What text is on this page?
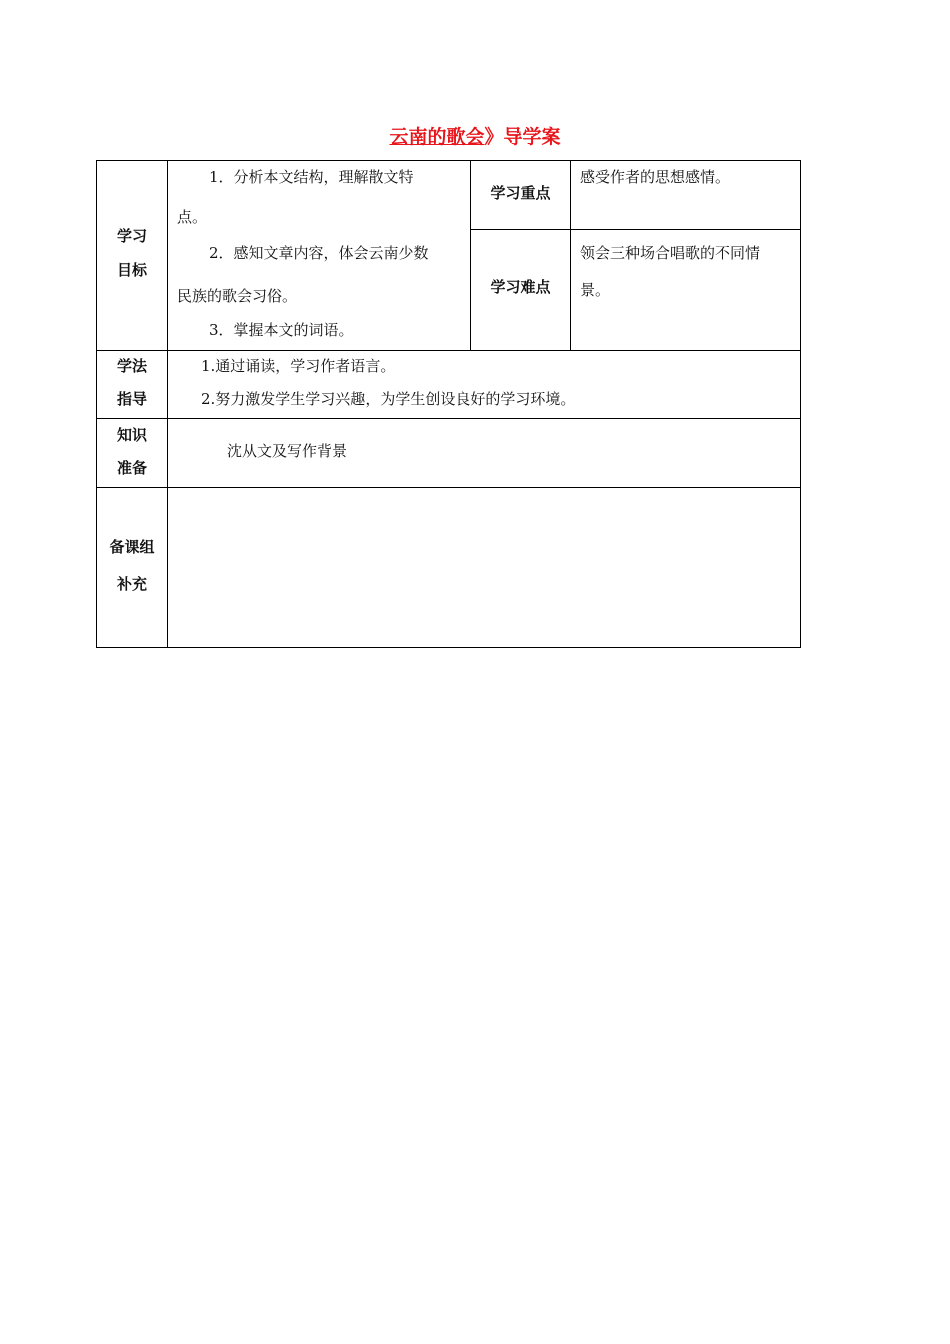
云南的歌会》导学案
学习
目标
1．分析本文结构，理解散文特
点。
2．感知文章内容，体会云南少数
民族的歌会习俗。
3．掌握本文的词语。
学习重点
感受作者的思想感情。
学习难点
领会三种场合唱歌的不同情
景。
学法
指导
1.通过诵读，学习作者语言。
2.努力激发学生学习兴趣，为学生创设良好的学习环境。
知识
准备
沈从文及写作背景
备课组
补充
